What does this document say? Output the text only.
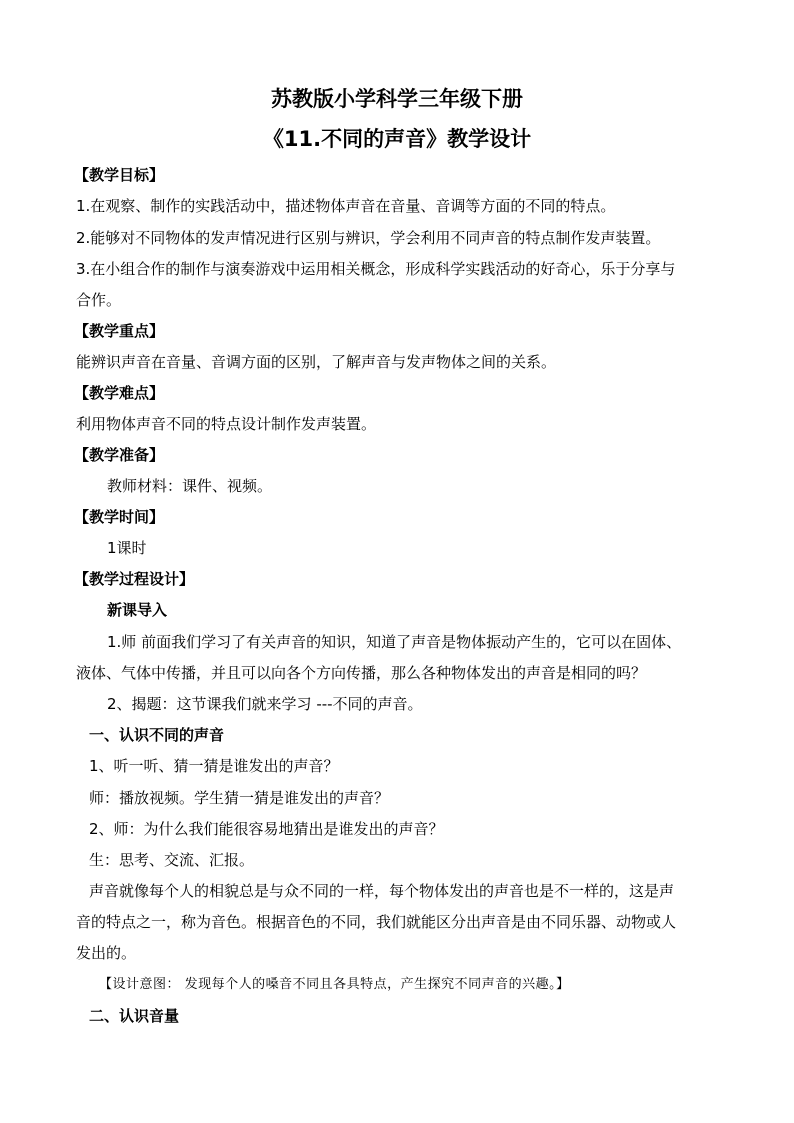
苏教版小学科学三年级下册
《11.不同的声音》教学设计
【教学目标】
1.在观察、制作的实践活动中，描述物体声音在音量、音调等方面的不同的特点。
2.能够对不同物体的发声情况进行区别与辨识，学会利用不同声音的特点制作发声装置。
3.在小组合作的制作与演奏游戏中运用相关概念，形成科学实践活动的好奇心，乐于分享与
合作。
【教学重点】
能辨识声音在音量、音调方面的区别，了解声音与发声物体之间的关系。
【教学难点】
利用物体声音不同的特点设计制作发声装置。
【教学准备】
教师材料：课件、视频。
【教学时间】
1课时
【教学过程设计】
新课导入
1.师 前面我们学习了有关声音的知识，知道了声音是物体振动产生的，它可以在固体、
液体、气体中传播，并且可以向各个方向传播，那么各种物体发出的声音是相同的吗？
2、揭题：这节课我们就来学习 ---不同的声音。
一、认识不同的声音
1、听一听、猜一猜是谁发出的声音？
师：播放视频。学生猜一猜是谁发出的声音？
2、师：为什么我们能很容易地猜出是谁发出的声音？
生：思考、交流、汇报。
声音就像每个人的相貌总是与众不同的一样，每个物体发出的声音也是不一样的，这是声
音的特点之一，称为音色。根据音色的不同，我们就能区分出声音是由不同乐器、动物或人
发出的。
【设计意图： 发现每个人的嗓音不同且各具特点，产生探究不同声音的兴趣。】
二、认识音量
